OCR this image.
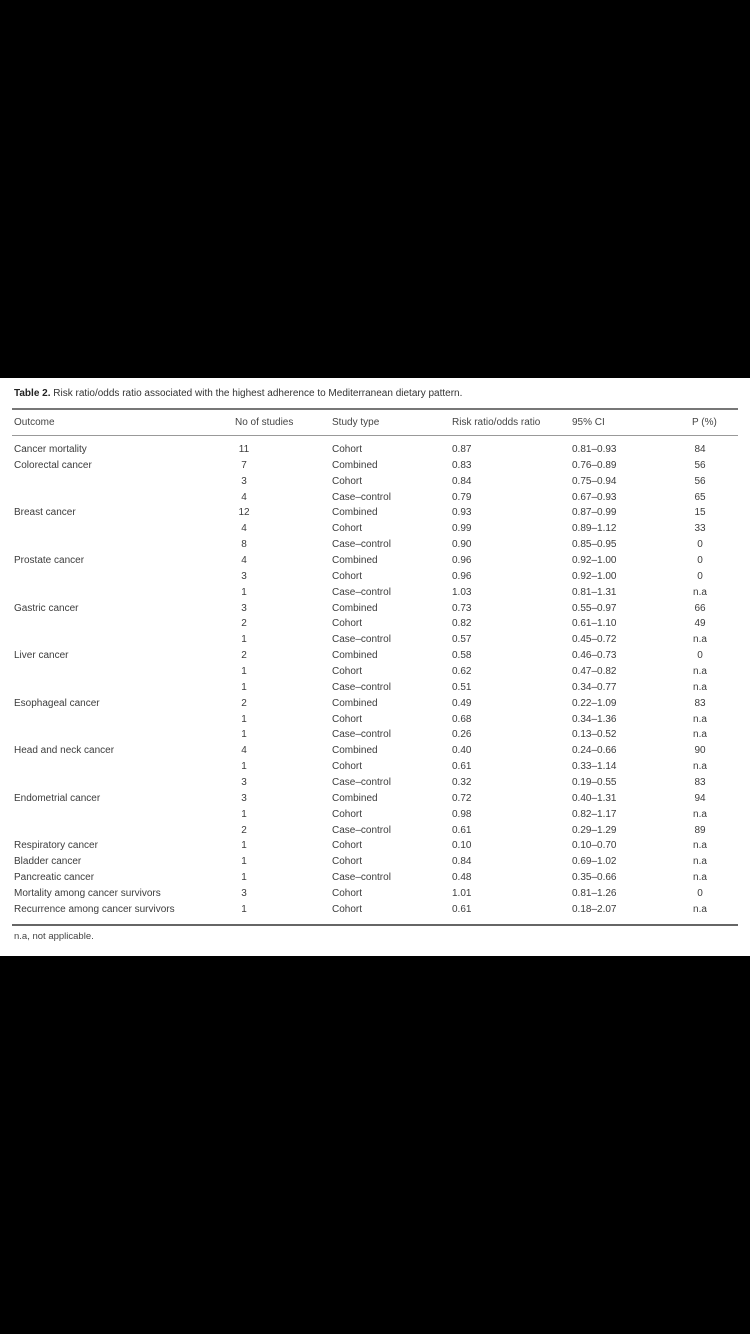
Table 2. Risk ratio/odds ratio associated with the highest adherence to Mediterranean dietary pattern.
Outcome	No of studies	Study type	Risk ratio/odds ratio	95% CI	P (%)
Cancer mortality	11	Cohort	0.87	0.81–0.93	84
Colorectal cancer	7	Combined	0.83	0.76–0.89	56
3	Cohort	0.84	0.75–0.94	56
4	Case–control	0.79	0.67–0.93	65
Breast cancer	12	Combined	0.93	0.87–0.99	15
4	Cohort	0.99	0.89–1.12	33
8	Case–control	0.90	0.85–0.95	0
Prostate cancer	4	Combined	0.96	0.92–1.00	0
3	Cohort	0.96	0.92–1.00	0
1	Case–control	1.03	0.81–1.31	n.a
Gastric cancer	3	Combined	0.73	0.55–0.97	66
2	Cohort	0.82	0.61–1.10	49
1	Case–control	0.57	0.45–0.72	n.a
Liver cancer	2	Combined	0.58	0.46–0.73	0
1	Cohort	0.62	0.47–0.82	n.a
1	Case–control	0.51	0.34–0.77	n.a
Esophageal cancer	2	Combined	0.49	0.22–1.09	83
1	Cohort	0.68	0.34–1.36	n.a
1	Case–control	0.26	0.13–0.52	n.a
Head and neck cancer	4	Combined	0.40	0.24–0.66	90
1	Cohort	0.61	0.33–1.14	n.a
3	Case–control	0.32	0.19–0.55	83
Endometrial cancer	3	Combined	0.72	0.40–1.31	94
1	Cohort	0.98	0.82–1.17	n.a
2	Case–control	0.61	0.29–1.29	89
Respiratory cancer	1	Cohort	0.10	0.10–0.70	n.a
Bladder cancer	1	Cohort	0.84	0.69–1.02	n.a
Pancreatic cancer	1	Case–control	0.48	0.35–0.66	n.a
Mortality among cancer survivors	3	Cohort	1.01	0.81–1.26	0
Recurrence among cancer survivors	1	Cohort	0.61	0.18–2.07	n.a
n.a, not applicable.
